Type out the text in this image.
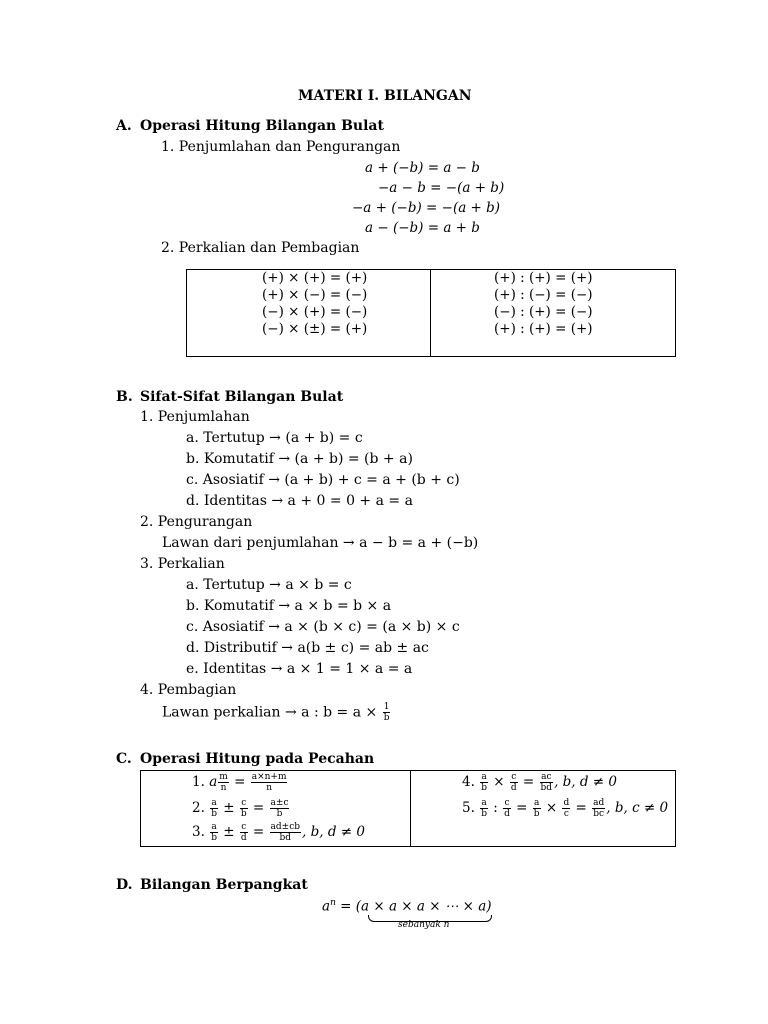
MATERI I. BILANGAN
A. Operasi Hitung Bilangan Bulat
1. Penjumlahan dan Pengurangan
a + (−b) = a − b
−a − b = −(a + b)
−a + (−b) = −(a + b)
a − (−b) = a + b
2. Perkalian dan Pembagian
(+) × (+) = (+)
(+) × (−) = (−)
(−) × (+) = (−)
(−) × (±) = (+)
(+) : (+) = (+)
(+) : (−) = (−)
(−) : (+) = (−)
(+) : (+) = (+)
B. Sifat-Sifat Bilangan Bulat
1. Penjumlahan
a. Tertutup → (a + b) = c
b. Komutatif → (a + b) = (b + a)
c. Asosiatif → (a + b) + c = a + (b + c)
d. Identitas → a + 0 = 0 + a = a
2. Pengurangan
Lawan dari penjumlahan → a − b = a + (−b)
3. Perkalian
a. Tertutup → a × b = c
b. Komutatif → a × b = b × a
c. Asosiatif → a × (b × c) = (a × b) × c
d. Distributif → a(b ± c) = ab ± ac
e. Identitas → a × 1 = 1 × a = a
4. Pembagian
Lawan perkalian → a : $b = a \times \frac{1}{b}$
C. Operasi Hitung pada Pecahan
1. a $\frac{m}{n} = \frac{a\times n+m}{n}$
2. $\frac{a}{b} \pm \frac{c}{b} = \frac{a\pm c}{b}$
3. $\frac{a}{b} \pm \frac{c}{d} = \frac{ad\pm cb}{bd}$ , b, d ≠ 0
4. $\frac{a}{b} \times \frac{c}{d} = \frac{ac}{bd}$ , b, d ≠ 0
5. $\frac{a}{b}$ : $\frac{c}{d} = \frac{a}{b} \times \frac{d}{c} = \frac{ad}{bc}$ , b, c ≠ 0
D. Bilangan Berpangkat
$a^n = (a \times a \times a$ × ⋯ × a)
sebanyak n
